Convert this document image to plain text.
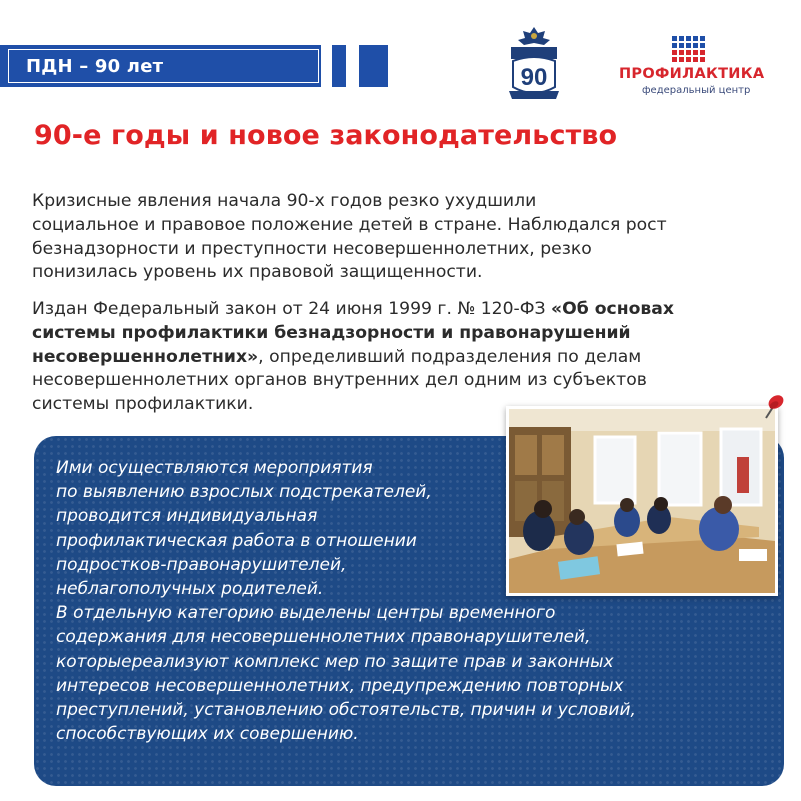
ПДН – 90 лет	90	ПРОФИЛАКТИКА
федеральный центр
90-е годы и новое законодательство

Кризисные явления начала 90-х годов резко ухудшили
социальное и правовое положение детей в стране. Наблюдался рост
безнадзорности и преступности несовершеннолетних, резко
понизилась уровень их правовой защищенности.

Издан Федеральный закон от 24 июня 1999 г. № 120-ФЗ «Об основах
системы профилактики безнадзорности и правонарушений
несовершеннолетних», определивший подразделения по делам
несовершеннолетних органов внутренних дел одним из субъектов
системы профилактики.

Ими осуществляются мероприятия
по выявлению взрослых подстрекателей,
проводится индивидуальная
профилактическая работа в отношении
подростков-правонарушителей,
неблагополучных родителей.
В отдельную категорию выделены центры временного
содержания для несовершеннолетних правонарушителей,
которыереализуют комплекс мер по защите прав и законных
интересов несовершеннолетних, предупреждению повторных
преступлений, установлению обстоятельств, причин и условий,
способствующих их совершению.
